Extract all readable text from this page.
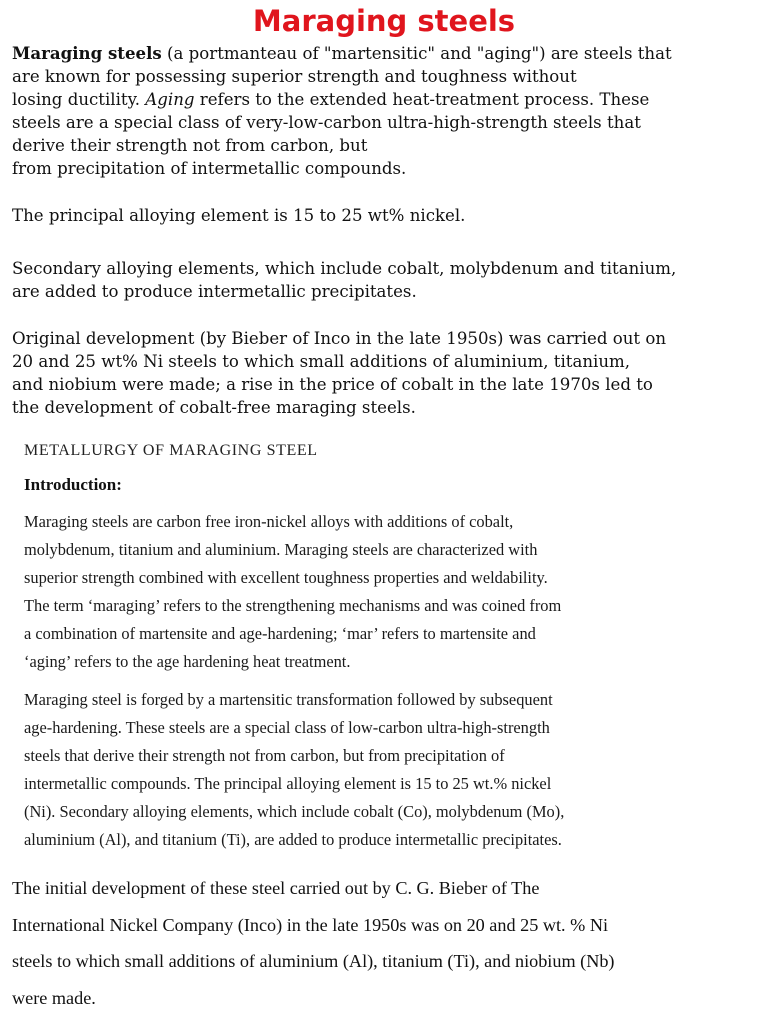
Maraging steels

Maraging steels (a portmanteau of "martensitic" and "aging") are steels that
are known for possessing superior strength and toughness without
losing ductility. Aging refers to the extended heat-treatment process. These
steels are a special class of very-low-carbon ultra-high-strength steels that
derive their strength not from carbon, but
from precipitation of intermetallic compounds.

The principal alloying element is 15 to 25 wt% nickel.

Secondary alloying elements, which include cobalt, molybdenum and titanium,
are added to produce intermetallic precipitates.

Original development (by Bieber of Inco in the late 1950s) was carried out on
20 and 25 wt% Ni steels to which small additions of aluminium, titanium,
and niobium were made; a rise in the price of cobalt in the late 1970s led to
the development of cobalt-free maraging steels.

METALLURGY OF MARAGING STEEL
Introduction:

Maraging steels are carbon free iron-nickel alloys with additions of cobalt,
molybdenum, titanium and aluminium. Maraging steels are characterized with
superior strength combined with excellent toughness properties and weldability.
The term ‘maraging’ refers to the strengthening mechanisms and was coined from
a combination of martensite and age-hardening; ‘mar’ refers to martensite and
‘aging’ refers to the age hardening heat treatment.

Maraging steel is forged by a martensitic transformation followed by subsequent
age-hardening. These steels are a special class of low-carbon ultra-high-strength
steels that derive their strength not from carbon, but from precipitation of
intermetallic compounds. The principal alloying element is 15 to 25 wt.% nickel
(Ni). Secondary alloying elements, which include cobalt (Co), molybdenum (Mo),
aluminium (Al), and titanium (Ti), are added to produce intermetallic precipitates.

The initial development of these steel carried out by C. G. Bieber of The
International Nickel Company (Inco) in the late 1950s was on 20 and 25 wt. % Ni
steels to which small additions of aluminium (Al), titanium (Ti), and niobium (Nb)
were made.
